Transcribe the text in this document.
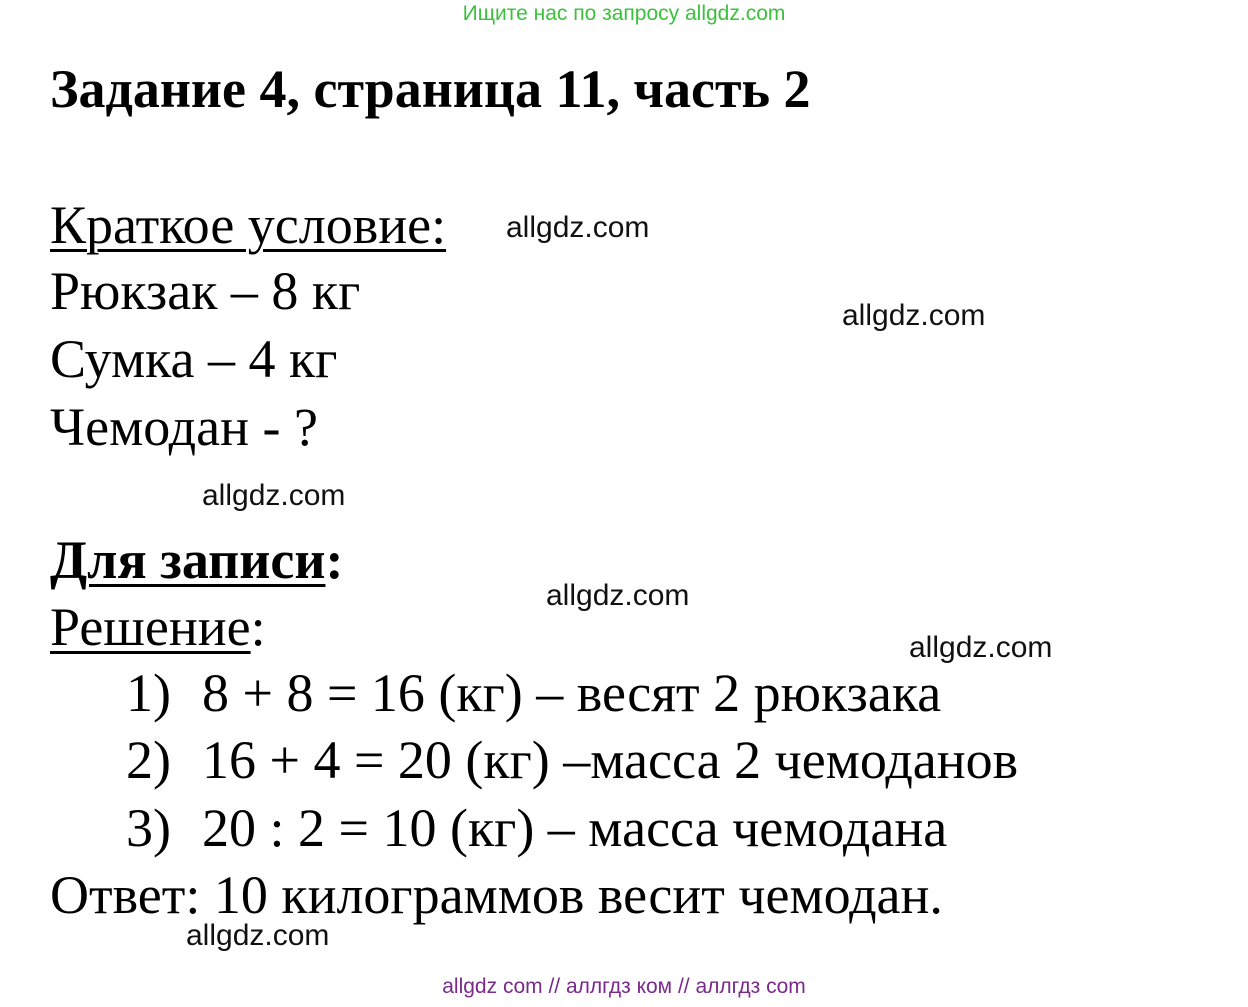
Ищите нас по запросу allgdz.com
Задание 4, страница 11, часть 2
Краткое условие:
Рюкзак – 8 кг
Сумка – 4 кг
Чемодан - ?
Для записи:
Решение:
1) 8 + 8 = 16 (кг) – весят 2 рюкзака
2) 16 + 4 = 20 (кг) –масса 2 чемоданов
3) 20 : 2 = 10 (кг) – масса чемодана
Ответ: 10 килограммов весит чемодан.
allgdz.com
allgdz.com
allgdz.com
allgdz.com
allgdz.com
allgdz.com
allgdz com // аллгдз ком // аллгдз com
